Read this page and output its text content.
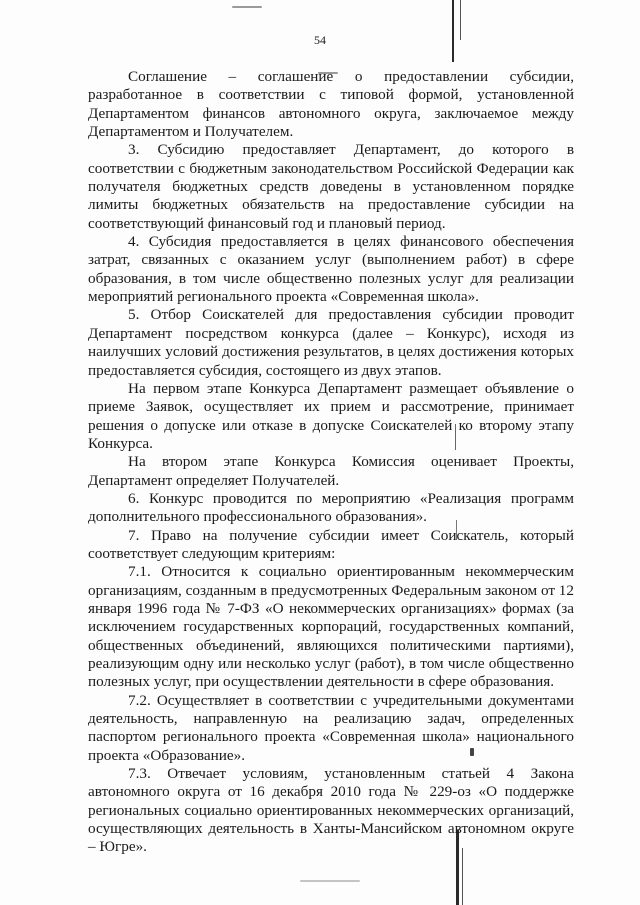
54

Соглашение – соглашение о предоставлении субсидии, разработанное в соответствии с типовой формой, установленной Департаментом финансов автономного округа, заключаемое между Департаментом и Получателем.

3. Субсидию предоставляет Департамент, до которого в соответствии с бюджетным законодательством Российской Федерации как получателя бюджетных средств доведены в установленном порядке лимиты бюджетных обязательств на предоставление субсидии на соответствующий финансовый год и плановый период.

4. Субсидия предоставляется в целях финансового обеспечения затрат, связанных с оказанием услуг (выполнением работ) в сфере образования, в том числе общественно полезных услуг для реализации мероприятий регионального проекта «Современная школа».

5. Отбор Соискателей для предоставления субсидии проводит Департамент посредством конкурса (далее – Конкурс), исходя из наилучших условий достижения результатов, в целях достижения которых предоставляется субсидия, состоящего из двух этапов.

На первом этапе Конкурса Департамент размещает объявление о приеме Заявок, осуществляет их прием и рассмотрение, принимает решения о допуске или отказе в допуске Соискателей ко второму этапу Конкурса.

На втором этапе Конкурса Комиссия оценивает Проекты, Департамент определяет Получателей.

6. Конкурс проводится по мероприятию «Реализация программ дополнительного профессионального образования».

7. Право на получение субсидии имеет Соискатель, который соответствует следующим критериям:

7.1. Относится к социально ориентированным некоммерческим организациям, созданным в предусмотренных Федеральным законом от 12 января 1996 года № 7-ФЗ «О некоммерческих организациях» формах (за исключением государственных корпораций, государственных компаний, общественных объединений, являющихся политическими партиями), реализующим одну или несколько услуг (работ), в том числе общественно полезных услуг, при осуществлении деятельности в сфере образования.

7.2. Осуществляет в соответствии с учредительными документами деятельность, направленную на реализацию задач, определенных паспортом регионального проекта «Современная школа» национального проекта «Образование».

7.3. Отвечает условиям, установленным статьей 4 Закона автономного округа от 16 декабря 2010 года № 229-оз «О поддержке региональных социально ориентированных некоммерческих организаций, осуществляющих деятельность в Ханты-Мансийском автономном округе – Югре».
